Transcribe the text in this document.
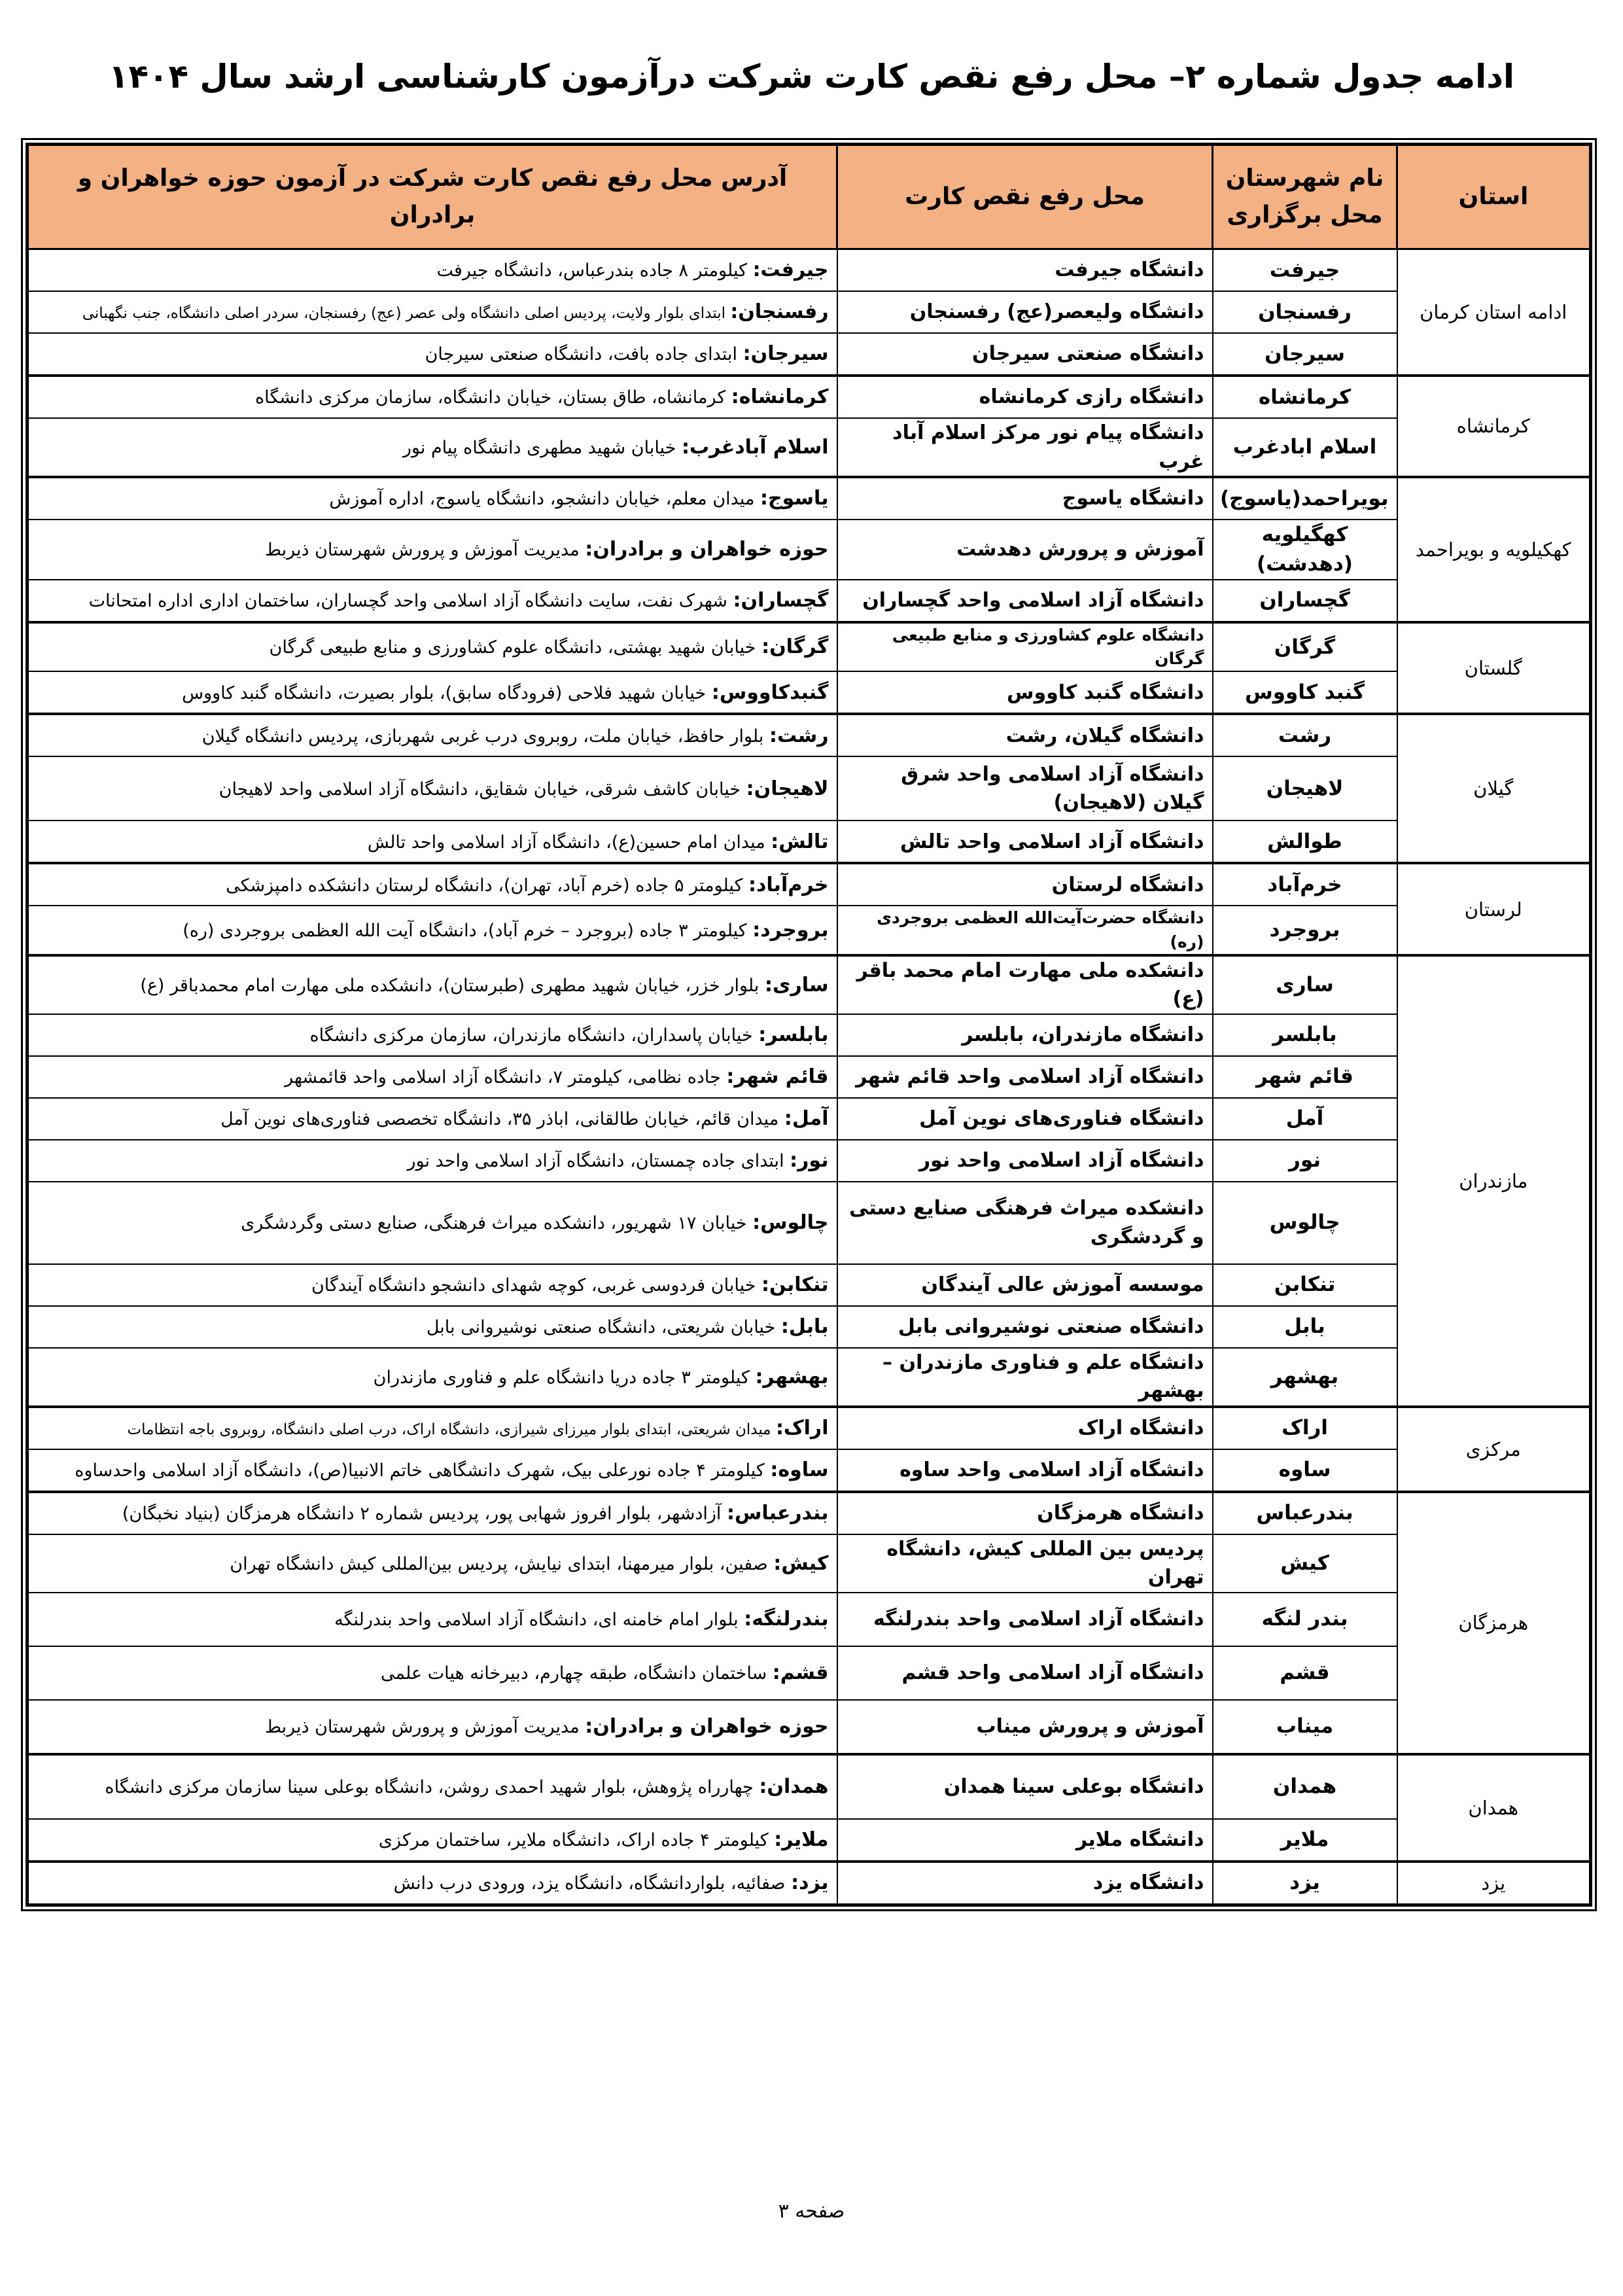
ادامه جدول شماره ۲– محل رفع نقص کارت شرکت درآزمون کارشناسی ارشد سال ۱۴۰۴
استان	نام شهرستان محل برگزاری	محل رفع نقص کارت	آدرس محل رفع نقص کارت شرکت در آزمون حوزه خواهران و برادران
ادامه استان کرمان	جیرفت	دانشگاه جیرفت	جیرفت: کیلومتر ۸ جاده بندرعباس، دانشگاه جیرفت
	رفسنجان	دانشگاه ولیعصر(عج) رفسنجان	رفسنجان: ابتدای بلوار ولایت، پردیس اصلی دانشگاه ولی عصر (عج) رفسنجان، سردر اصلی دانشگاه، جنب نگهبانی
	سیرجان	دانشگاه صنعتی سیرجان	سیرجان: ابتدای جاده بافت، دانشگاه صنعتی سیرجان
کرمانشاه	کرمانشاه	دانشگاه رازی کرمانشاه	کرمانشاه: کرمانشاه، طاق بستان، خیابان دانشگاه، سازمان مرکزی دانشگاه
	اسلام ابادغرب	دانشگاه پیام نور مرکز اسلام آباد غرب	اسلام آبادغرب: خیابان شهید مطهری دانشگاه پیام نور
کهکیلویه و بویراحمد	بویراحمد(یاسوج)	دانشگاه یاسوج	یاسوج: میدان معلم، خیابان دانشجو، دانشگاه یاسوج، اداره آموزش
	کهگیلویه (دهدشت)	آموزش و پرورش دهدشت	حوزه خواهران و برادران: مدیریت آموزش و پرورش شهرستان ذیربط
	گچساران	دانشگاه آزاد اسلامی واحد گچساران	گچساران: شهرک نفت، سایت دانشگاه آزاد اسلامی واحد گچساران، ساختمان اداری اداره امتحانات
گلستان	گرگان	دانشگاه علوم کشاورزی و منابع طبیعی گرگان	گرگان: خیابان شهید بهشتی، دانشگاه علوم کشاورزی و منابع طبیعی گرگان
	گنبد کاووس	دانشگاه گنبد کاووس	گنبدکاووس: خیابان شهید فلاحی (فرودگاه سابق)، بلوار بصیرت، دانشگاه گنبد کاووس
گیلان	رشت	دانشگاه گیلان، رشت	رشت: بلوار حافظ، خیابان ملت، روبروی درب غربی شهربازی، پردیس دانشگاه گیلان
	لاهیجان	دانشگاه آزاد اسلامی واحد شرق گیلان (لاهیجان)	لاهیجان: خیابان کاشف شرقی، خیابان شقایق، دانشگاه آزاد اسلامی واحد لاهیجان
	طوالش	دانشگاه آزاد اسلامی واحد تالش	تالش: میدان امام حسین(ع)، دانشگاه آزاد اسلامی واحد تالش
لرستان	خرم‌آباد	دانشگاه لرستان	خرم‌آباد: کیلومتر ۵ جاده (خرم آباد، تهران)، دانشگاه لرستان دانشکده دامپزشکی
	بروجرد	دانشگاه حضرت‌آیت‌الله العظمی بروجردی (ره)	بروجرد: کیلومتر ۳ جاده (بروجرد – خرم آباد)، دانشگاه آیت الله العظمی بروجردی (ره)
مازندران	ساری	دانشکده ملی مهارت امام محمد باقر (ع)	ساری: بلوار خزر، خیابان شهید مطهری (طبرستان)، دانشکده ملی مهارت امام محمدباقر (ع)
	بابلسر	دانشگاه مازندران، بابلسر	بابلسر: خیابان پاسداران، دانشگاه مازندران، سازمان مرکزی دانشگاه
	قائم شهر	دانشگاه آزاد اسلامی واحد قائم شهر	قائم شهر: جاده نظامی، کیلومتر ۷، دانشگاه آزاد اسلامی واحد قائمشهر
	آمل	دانشگاه فناوری‌های نوین آمل	آمل: میدان قائم، خیابان طالقانی، اباذر ۳۵، دانشگاه تخصصی فناوری‌های نوین آمل
	نور	دانشگاه آزاد اسلامی واحد نور	نور: ابتدای جاده چمستان، دانشگاه آزاد اسلامی واحد نور
	چالوس	دانشکده میراث فرهنگی صنایع دستی و گردشگری	چالوس: خیابان ۱۷ شهریور، دانشکده میراث فرهنگی، صنایع دستی وگردشگری
	تنکابن	موسسه آموزش عالی آیندگان	تنکابن: خیابان فردوسی غربی، کوچه شهدای دانشجو دانشگاه آیندگان
	بابل	دانشگاه صنعتی نوشیروانی بابل	بابل: خیابان شریعتی، دانشگاه صنعتی نوشیروانی بابل
	بهشهر	دانشگاه علم و فناوری مازندران – بهشهر	بهشهر: کیلومتر ۳ جاده دریا دانشگاه علم و فناوری مازندران
مرکزی	اراک	دانشگاه اراک	اراک: میدان شریعتی، ابتدای بلوار میرزای شیرازی، دانشگاه اراک، درب اصلی دانشگاه، روبروی باجه انتظامات
	ساوه	دانشگاه آزاد اسلامی واحد ساوه	ساوه: کیلومتر ۴ جاده نورعلی بیک، شهرک دانشگاهی خاتم الانبیا(ص)، دانشگاه آزاد اسلامی واحدساوه
هرمزگان	بندرعباس	دانشگاه هرمزگان	بندرعباس: آزادشهر، بلوار افروز شهابی پور، پردیس شماره ۲ دانشگاه هرمزگان (بنیاد نخبگان)
	کیش	پردیس بین المللی کیش، دانشگاه تهران	کیش: صفین، بلوار میرمهنا، ابتدای نیایش، پردیس بین‌المللی کیش دانشگاه تهران
	بندر لنگه	دانشگاه آزاد اسلامی واحد بندرلنگه	بندرلنگه: بلوار امام خامنه ای، دانشگاه آزاد اسلامی واحد بندرلنگه
	قشم	دانشگاه آزاد اسلامی واحد قشم	قشم: ساختمان دانشگاه، طبقه چهارم، دبیرخانه هیات علمی
	میناب	آموزش و پرورش میناب	حوزه خواهران و برادران: مدیریت آموزش و پرورش شهرستان ذیربط
همدان	همدان	دانشگاه بوعلی سینا همدان	همدان: چهارراه پژوهش، بلوار شهید احمدی روشن، دانشگاه بوعلی سینا سازمان مرکزی دانشگاه
	ملایر	دانشگاه ملایر	ملایر: کیلومتر ۴ جاده اراک، دانشگاه ملایر، ساختمان مرکزی
یزد	یزد	دانشگاه یزد	یزد: صفائیه، بلواردانشگاه، دانشگاه یزد، ورودی درب دانش
صفحه ۳
